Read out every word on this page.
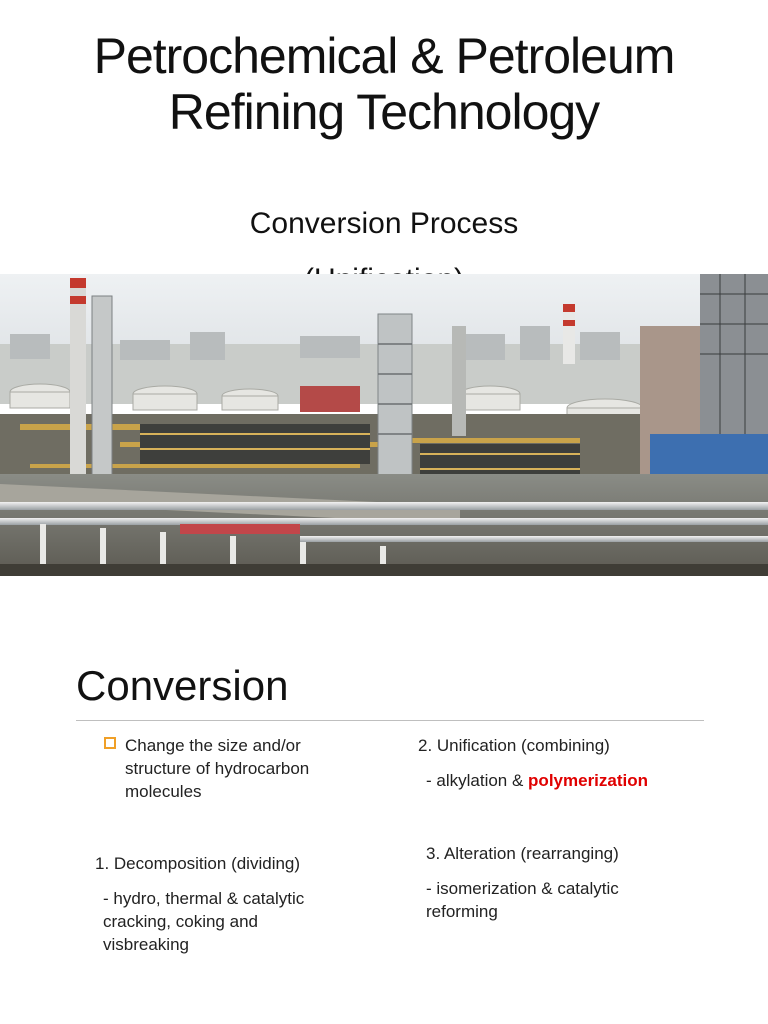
Petrochemical & Petroleum
Refining Technology
Conversion Process
Conversion
Change the size and/or
structure of hydrocarbon
molecules
1. Decomposition (dividing)
- hydro, thermal & catalytic
cracking, coking and
visbreaking
2. Unification (combining)
- alkylation & polymerization
3. Alteration (rearranging)
- isomerization & catalytic
reforming
